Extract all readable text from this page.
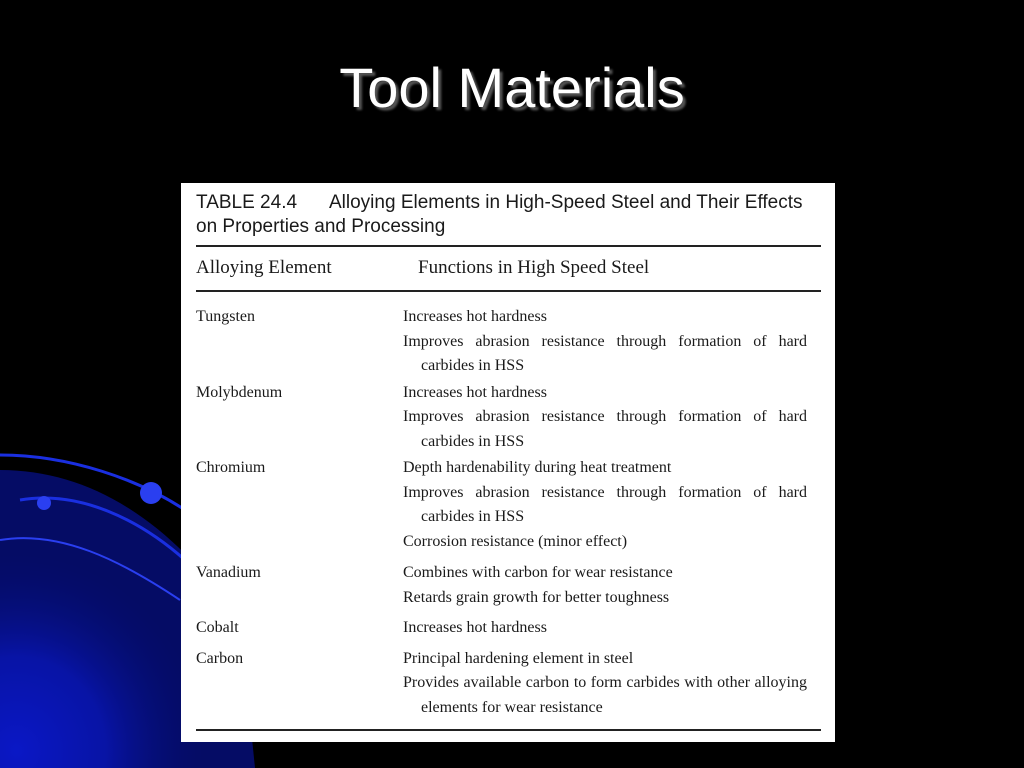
Tool Materials
TABLE 24.4 Alloying Elements in High-Speed Steel and Their Effects on Properties and Processing
Alloying Element	Functions in High Speed Steel
Tungsten	Increases hot hardness
Improves abrasion resistance through formation of hard carbides in HSS
Molybdenum	Increases hot hardness
Improves abrasion resistance through formation of hard carbides in HSS
Chromium	Depth hardenability during heat treatment
Improves abrasion resistance through formation of hard carbides in HSS
Corrosion resistance (minor effect)
Vanadium	Combines with carbon for wear resistance
Retards grain growth for better toughness
Cobalt	Increases hot hardness
Carbon	Principal hardening element in steel
Provides available carbon to form carbides with other alloying elements for wear resistance
